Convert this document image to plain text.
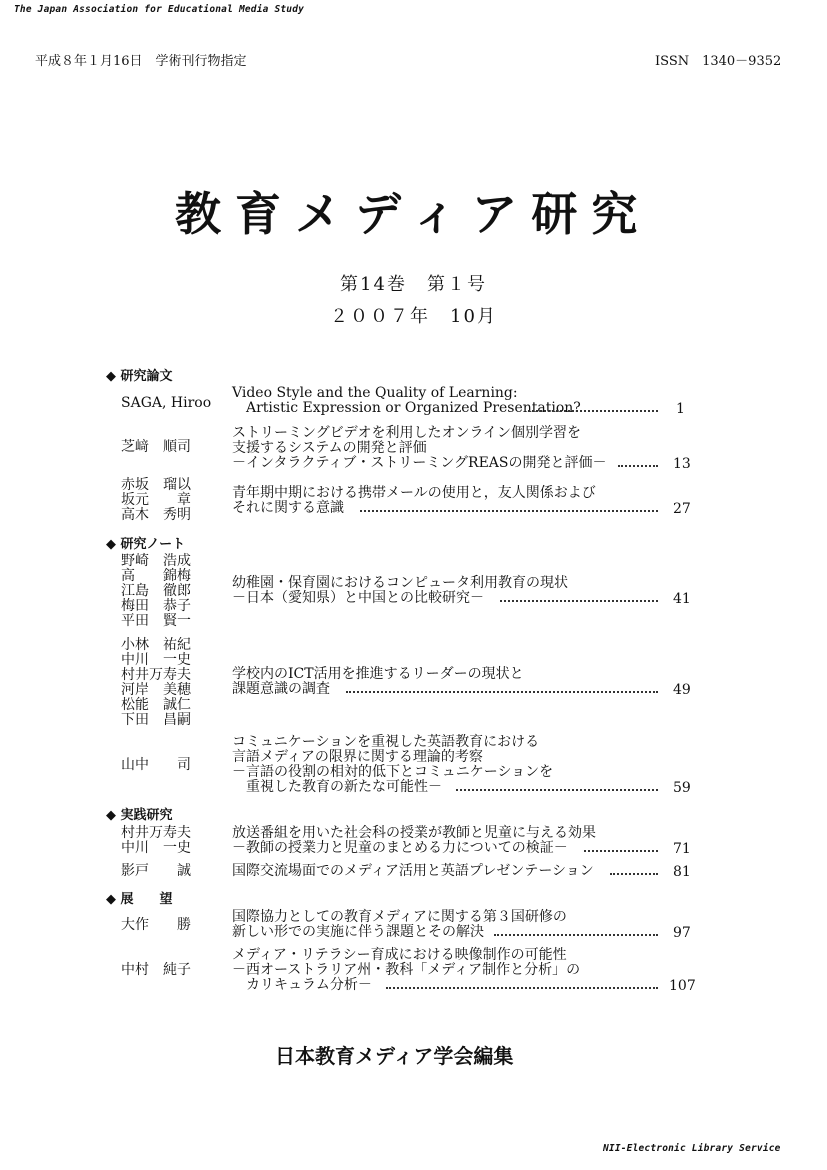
The Japan Association for Educational Media Study
平成８年１月16日　学術刊行物指定	ISSN　1340－9352
教育メディア研究
第14巻　第１号
２００７年　10月
◆ 研究論文
◆ 研究ノート
◆ 実践研究
◆ 展　　望
SAGA, Hiroo
Video Style and the Quality of Learning:
Artistic Expression or Organized Presentation?	1
芝﨑　順司
ストリーミングビデオを利用したオンライン個別学習を
支援するシステムの開発と評価
－インタラクティブ・ストリーミングREASの開発と評価－	13
赤坂　瑠以
坂元　　章
高木　秀明
青年期中期における携帯メールの使用と，友人関係および
それに関する意識	27
野崎　浩成
高　　錦梅
江島　徹郎
梅田　恭子
平田　賢一
幼稚園・保育園におけるコンピュータ利用教育の現状
－日本（愛知県）と中国との比較研究－	41
小林　祐紀
中川　一史
村井万寿夫
河岸　美穂
松能　誠仁
下田　昌嗣
学校内のICT活用を推進するリーダーの現状と
課題意識の調査	49
山中　　司
コミュニケーションを重視した英語教育における
言語メディアの限界に関する理論的考察
－言語の役割の相対的低下とコミュニケーションを
重視した教育の新たな可能性－	59
村井万寿夫
中川　一史
放送番組を用いた社会科の授業が教師と児童に与える効果
－教師の授業力と児童のまとめる力についての検証－	71
影戸　　誠	国際交流場面でのメディア活用と英語プレゼンテーション	81
大作　　勝	国際協力としての教育メディアに関する第３国研修の
新しい形での実施に伴う課題とその解決	97
中村　純子
メディア・リテラシー育成における映像制作の可能性
－西オーストラリア州・教科「メディア制作と分析」の
カリキュラム分析－	107
日本教育メディア学会編集
NII-Electronic Library Service
